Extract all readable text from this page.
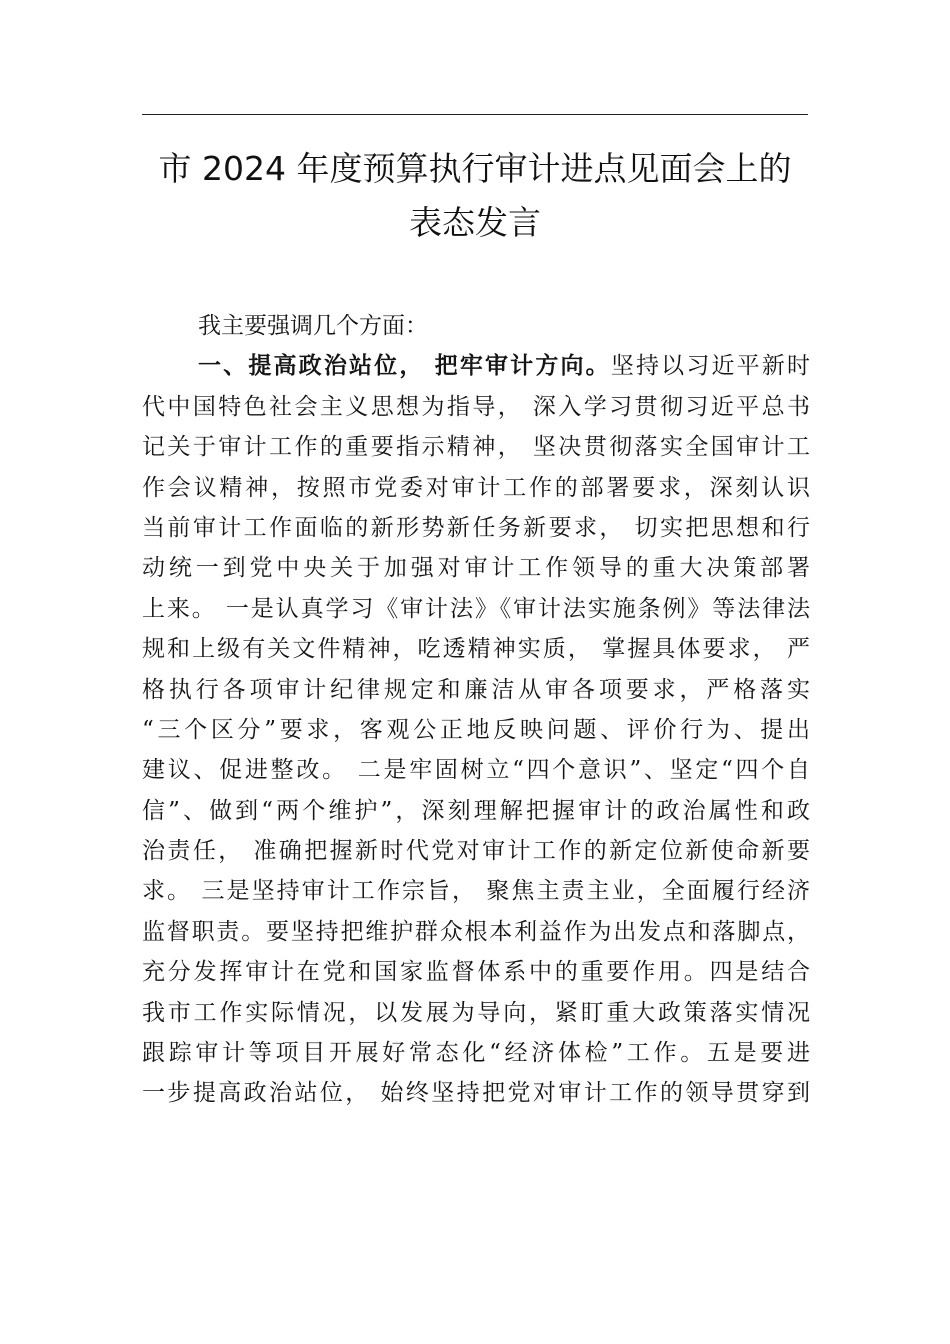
市 2024 年度预算执行审计进点见面会上的
表态发言
我主要强调几个方面：
一、提高政治站位， 把牢审计方向。坚持以习近平新时
代中国特色社会主义思想为指导， 深入学习贯彻习近平总书
记关于审计工作的重要指示精神， 坚决贯彻落实全国审计工
作会议精神，按照市党委对审计工作的部署要求，深刻认识
当前审计工作面临的新形势新任务新要求， 切实把思想和行
动统一到党中央关于加强对审计工作领导的重大决策部署
上来。 一是认真学习《审计法》《审计法实施条例》等法律法
规和上级有关文件精神，吃透精神实质， 掌握具体要求， 严
格执行各项审计纪律规定和廉洁从审各项要求，严格落实
“三个区分”要求，客观公正地反映问题、评价行为、提出
建议、促进整改。 二是牢固树立“四个意识”、坚定“四个自
信”、做到“两个维护”，深刻理解把握审计的政治属性和政
治责任， 准确把握新时代党对审计工作的新定位新使命新要
求。 三是坚持审计工作宗旨， 聚焦主责主业，全面履行经济
监督职责。要坚持把维护群众根本利益作为出发点和落脚点，
充分发挥审计在党和国家监督体系中的重要作用。四是结合
我市工作实际情况，以发展为导向，紧盯重大政策落实情况
跟踪审计等项目开展好常态化“经济体检”工作。五是要进
一步提高政治站位， 始终坚持把党对审计工作的领导贯穿到
